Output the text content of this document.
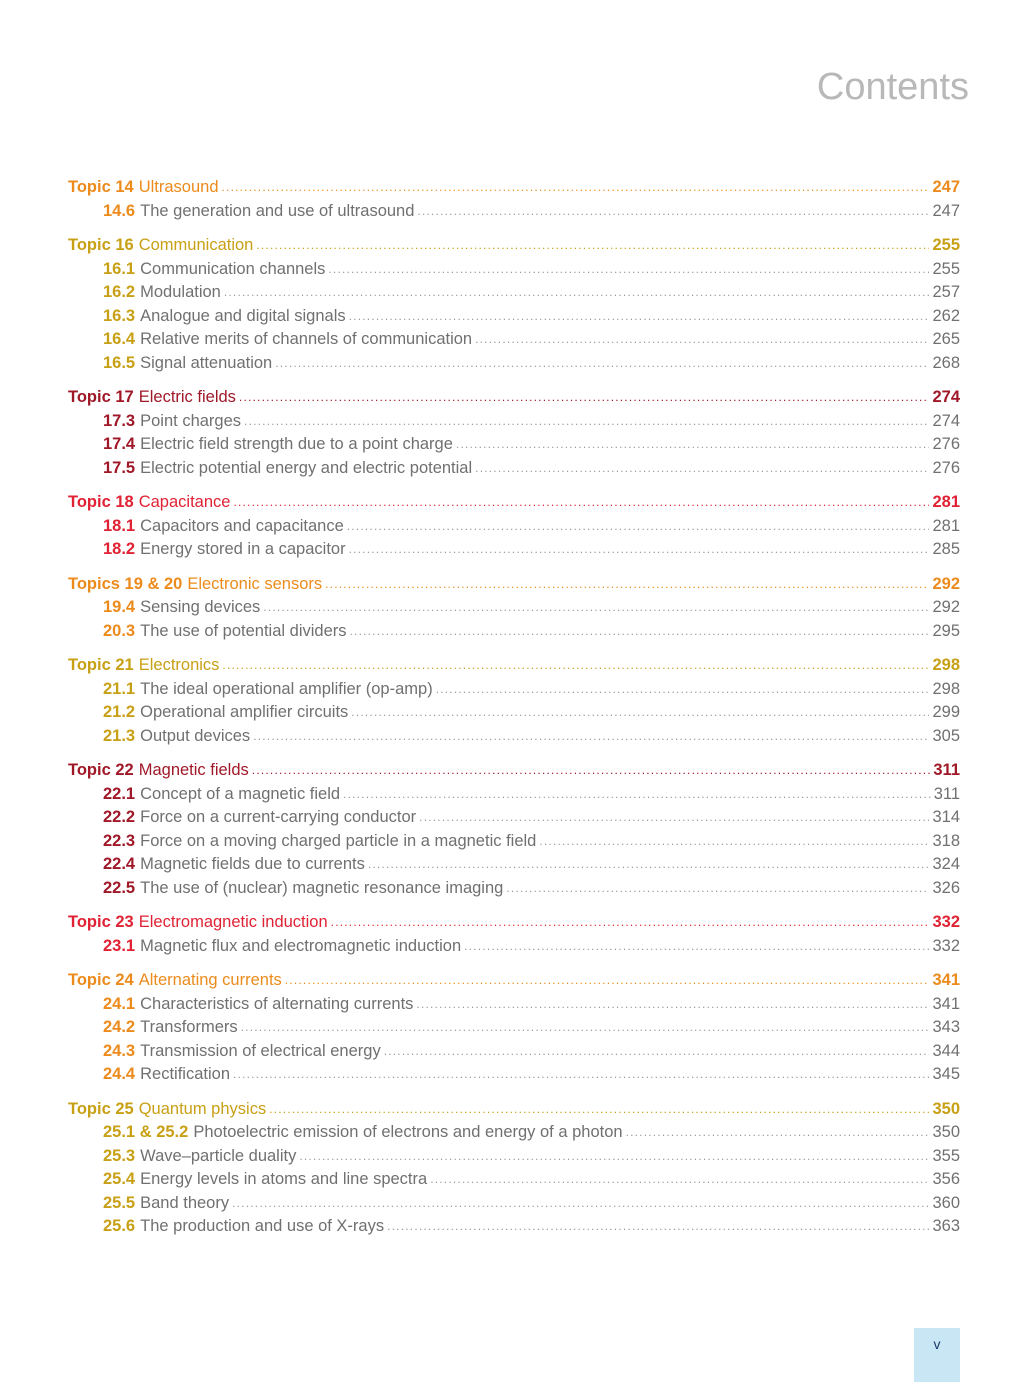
Contents
Topic 14 Ultrasound .....	247
14.6 The generation and use of ultrasound .....	247
Topic 16 Communication .....	255
16.1 Communication channels .....	255
16.2 Modulation .....	257
16.3 Analogue and digital signals .....	262
16.4 Relative merits of channels of communication .....	265
16.5 Signal attenuation .....	268
Topic 17 Electric fields .....	274
17.3 Point charges .....	274
17.4 Electric field strength due to a point charge .....	276
17.5 Electric potential energy and electric potential .....	276
Topic 18 Capacitance .....	281
18.1 Capacitors and capacitance .....	281
18.2 Energy stored in a capacitor .....	285
Topics 19 & 20 Electronic sensors .....	292
19.4 Sensing devices .....	292
20.3 The use of potential dividers .....	295
Topic 21 Electronics .....	298
21.1 The ideal operational amplifier (op-amp) .....	298
21.2 Operational amplifier circuits .....	299
21.3 Output devices .....	305
Topic 22 Magnetic fields .....	311
22.1 Concept of a magnetic field .....	311
22.2 Force on a current-carrying conductor .....	314
22.3 Force on a moving charged particle in a magnetic field .....	318
22.4 Magnetic fields due to currents .....	324
22.5 The use of (nuclear) magnetic resonance imaging .....	326
Topic 23 Electromagnetic induction .....	332
23.1 Magnetic flux and electromagnetic induction .....	332
Topic 24 Alternating currents .....	341
24.1 Characteristics of alternating currents .....	341
24.2 Transformers .....	343
24.3 Transmission of electrical energy .....	344
24.4 Rectification .....	345
Topic 25 Quantum physics .....	350
25.1 & 25.2 Photoelectric emission of electrons and energy of a photon .....	350
25.3 Wave–particle duality .....	355
25.4 Energy levels in atoms and line spectra .....	356
25.5 Band theory .....	360
25.6 The production and use of X-rays .....	363
v
